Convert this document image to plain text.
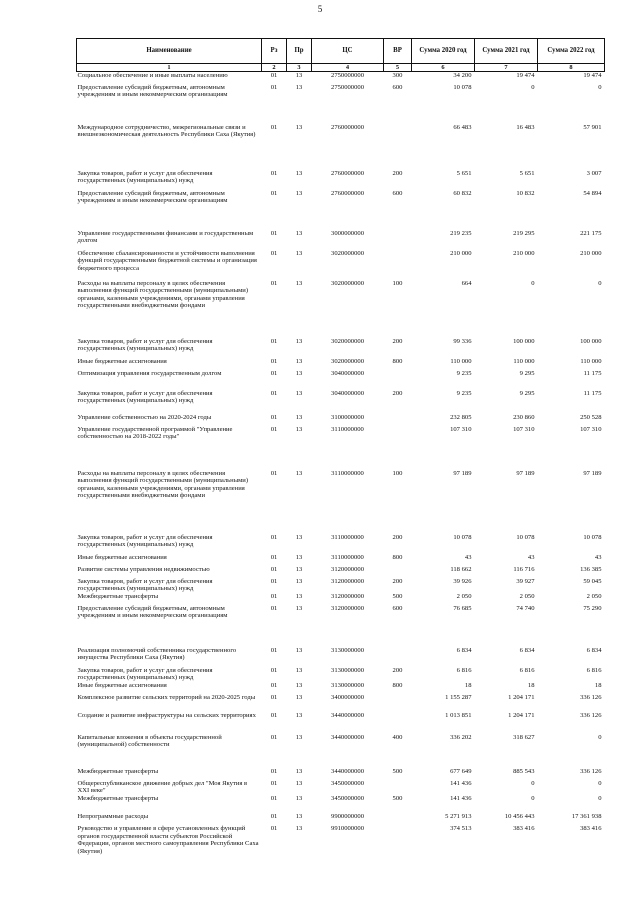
5
Наименование	Рз	Пр	ЦС	ВР	Сумма 2020 год	Сумма 2021 год	Сумма 2022 год
1	2	3	4	5	6	7	8
Социальное обеспечение и иные выплаты населению	01	13	2750000000	300	34 200	19 474	19 474
Предоставление субсидий бюджетным, автономным учреждениям и иным некоммерческим организациям	01	13	2750000000	600	10 078	0	0
Международное сотрудничество, межрегиональные связи и внешнеэкономическая деятельность Республики Саха (Якутия)	01	13	2760000000		66 483	16 483	57 901
Закупка товаров, работ и услуг для обеспечения государственных (муниципальных) нужд	01	13	2760000000	200	5 651	5 651	3 007
Предоставление субсидий бюджетным, автономным учреждениям и иным некоммерческим организациям	01	13	2760000000	600	60 832	10 832	54 894
Управление государственными финансами и государственным долгом	01	13	3000000000		219 235	219 295	221 175
Обеспечение сбалансированности и устойчивости выполнения функций государственными бюджетной системы и организация бюджетного процесса	01	13	3020000000		210 000	210 000	210 000
Расходы на выплаты персоналу в целях обеспечения выполнения функций государственными (муниципальными) органами, казенными учреждениями, органами управления государственными внебюджетными фондами	01	13	3020000000	100	664	0	0
Закупка товаров, работ и услуг для обеспечения государственных (муниципальных) нужд	01	13	3020000000	200	99 336	100 000	100 000
Иные бюджетные ассигнования	01	13	3020000000	800	110 000	110 000	110 000
Оптимизация управления государственным долгом	01	13	3040000000		9 235	9 295	11 175
Закупка товаров, работ и услуг для обеспечения государственных (муниципальных) нужд	01	13	3040000000	200	9 235	9 295	11 175
Управление собственностью на 2020-2024 годы	01	13	3100000000		232 805	230 860	250 528
Управление государственной программой "Управление собственностью на 2018-2022 годы"	01	13	3110000000		107 310	107 310	107 310
Расходы на выплаты персоналу в целях обеспечения выполнения функций государственными (муниципальными) органами, казенными учреждениями, органами управления государственными внебюджетными фондами	01	13	3110000000	100	97 189	97 189	97 189
Закупка товаров, работ и услуг для обеспечения государственных (муниципальных) нужд	01	13	3110000000	200	10 078	10 078	10 078
Иные бюджетные ассигнования	01	13	3110000000	800	43	43	43
Развитие системы управления недвижимостью	01	13	3120000000		118 662	116 716	136 385
Закупка товаров, работ и услуг для обеспечения государственных (муниципальных) нужд	01	13	3120000000	200	39 926	39 927	59 045
Межбюджетные трансферты	01	13	3120000000	500	2 050	2 050	2 050
Предоставление субсидий бюджетным, автономным учреждениям и иным некоммерческим организациям	01	13	3120000000	600	76 685	74 740	75 290
Реализация полномочий собственника государственного имущества Республики Саха (Якутия)	01	13	3130000000		6 834	6 834	6 834
Закупка товаров, работ и услуг для обеспечения государственных (муниципальных) нужд	01	13	3130000000	200	6 816	6 816	6 816
Иные бюджетные ассигнования	01	13	3130000000	800	18	18	18
Комплексное развитие сельских территорий на 2020-2025 годы	01	13	3400000000		1 155 287	1 204 171	336 126
Создание и развитие инфраструктуры на сельских территориях	01	13	3440000000		1 013 851	1 204 171	336 126
Капитальные вложения в объекты государственной (муниципальной) собственности	01	13	3440000000	400	336 202	318 627	0
Межбюджетные трансферты	01	13	3440000000	500	677 649	885 543	336 126
Общереспубликанское движение добрых дел "Моя Якутия в XXI веке"	01	13	3450000000		141 436	0	0
Межбюджетные трансферты	01	13	3450000000	500	141 436	0	0
Непрограммные расходы	01	13	9900000000		5 271 913	10 456 443	17 361 938
Руководство и управление в сфере установленных функций органов государственной власти субъектов Российской Федерации, органов местного самоуправления Республики Саха (Якутия)	01	13	9910000000		374 513	383 416	383 416
